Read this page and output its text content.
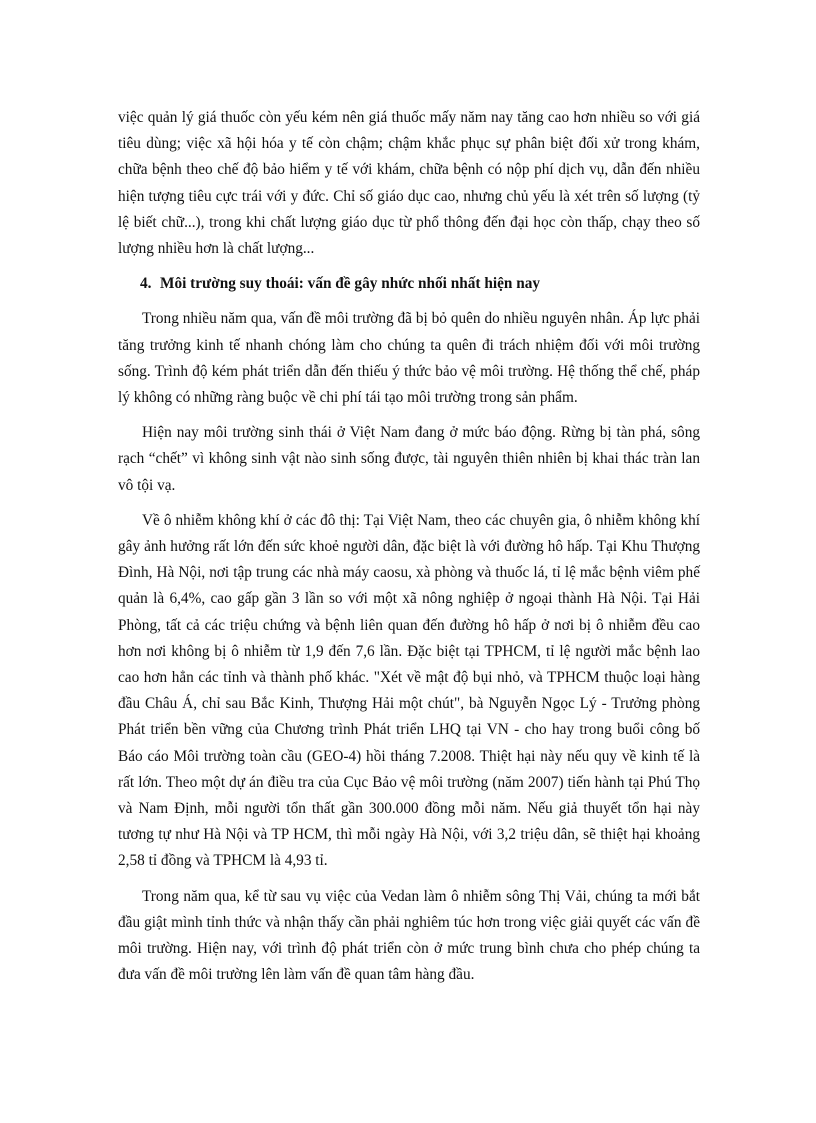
việc quản lý giá thuốc còn yếu kém nên giá thuốc mấy năm nay tăng cao hơn nhiều so với giá tiêu dùng; việc xã hội hóa y tế còn chậm; chậm khắc phục sự phân biệt đối xử trong khám, chữa bệnh theo chế độ bảo hiểm y tế với khám, chữa bệnh có nộp phí dịch vụ, dẫn đến nhiều hiện tượng tiêu cực trái với y đức. Chỉ số giáo dục cao, nhưng chủ yếu là xét trên số lượng (tỷ lệ biết chữ...), trong khi chất lượng giáo dục từ phổ thông đến đại học còn thấp, chạy theo số lượng nhiều hơn là chất lượng...

4. Môi trường suy thoái: vấn đề gây nhức nhối nhất hiện nay

Trong nhiều năm qua, vấn đề môi trường đã bị bỏ quên do nhiều nguyên nhân. Áp lực phải tăng trưởng kinh tế nhanh chóng làm cho chúng ta quên đi trách nhiệm đối với môi trường sống. Trình độ kém phát triển dẫn đến thiếu ý thức bảo vệ môi trường. Hệ thống thể chế, pháp lý không có những ràng buộc về chi phí tái tạo môi trường trong sản phẩm.

Hiện nay môi trường sinh thái ở Việt Nam đang ở mức báo động. Rừng bị tàn phá, sông rạch “chết” vì không sinh vật nào sinh sống được, tài nguyên thiên nhiên bị khai thác tràn lan vô tội vạ.

Về ô nhiễm không khí ở các đô thị: Tại Việt Nam, theo các chuyên gia, ô nhiễm không khí gây ảnh hưởng rất lớn đến sức khoẻ người dân, đặc biệt là với đường hô hấp. Tại Khu Thượng Đình, Hà Nội, nơi tập trung các nhà máy caosu, xà phòng và thuốc lá, tỉ lệ mắc bệnh viêm phế quản là 6,4%, cao gấp gần 3 lần so với một xã nông nghiệp ở ngoại thành Hà Nội. Tại Hải Phòng, tất cả các triệu chứng và bệnh liên quan đến đường hô hấp ở nơi bị ô nhiễm đều cao hơn nơi không bị ô nhiễm từ 1,9 đến 7,6 lần. Đặc biệt tại TPHCM, tỉ lệ người mắc bệnh lao cao hơn hẳn các tỉnh và thành phố khác. "Xét về mật độ bụi nhỏ, và TPHCM thuộc loại hàng đầu Châu Á, chỉ sau Bắc Kinh, Thượng Hải một chút", bà Nguyễn Ngọc Lý - Trưởng phòng Phát triển bền vững của Chương trình Phát triển LHQ tại VN - cho hay trong buổi công bố Báo cáo Môi trường toàn cầu (GEO-4) hồi tháng 7.2008. Thiệt hại này nếu quy về kinh tế là rất lớn. Theo một dự án điều tra của Cục Bảo vệ môi trường (năm 2007) tiến hành tại Phú Thọ và Nam Định, mỗi người tổn thất gần 300.000 đồng mỗi năm. Nếu giả thuyết tổn hại này tương tự như Hà Nội và TP HCM, thì mỗi ngày Hà Nội, với 3,2 triệu dân, sẽ thiệt hại khoảng 2,58 tỉ đồng và TPHCM là 4,93 tỉ.

Trong năm qua, kể từ sau vụ việc của Vedan làm ô nhiễm sông Thị Vải, chúng ta mới bắt đầu giật mình tỉnh thức và nhận thấy cần phải nghiêm túc hơn trong việc giải quyết các vấn đề môi trường. Hiện nay, với trình độ phát triển còn ở mức trung bình chưa cho phép chúng ta đưa vấn đề môi trường lên làm vấn đề quan tâm hàng đầu.
